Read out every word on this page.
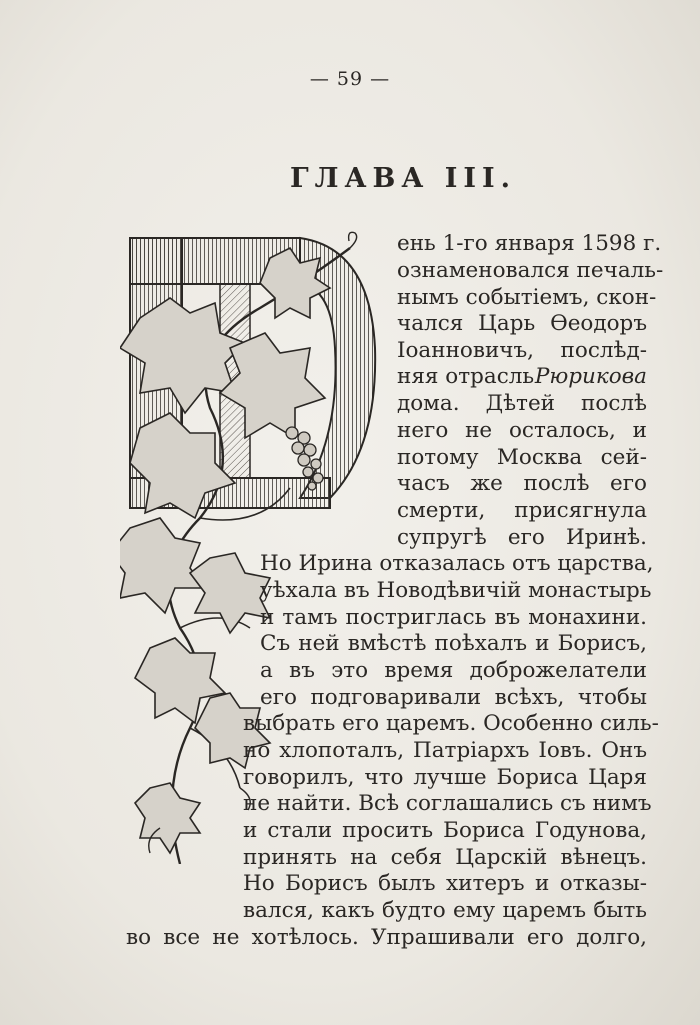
— 59 —
ГЛАВА III.
ень 1-го января 1598 г.
ознаменовался печаль-
нымъ событіемъ, скон-
чался Царь Ѳеодоръ
Іоанновичъ, послѣд-
няя отрасль Рюрикова
дома. Дѣтей послѣ
него не осталось, и
потому Москва сей-
часъ же послѣ его
смерти, присягнула
супругѣ его Иринѣ.
Но Ирина отказалась отъ царства,
уѣхала въ Новодѣвичій монастырь
и тамъ постриглась въ монахини.
Съ ней вмѣстѣ поѣхалъ и Борисъ,
а въ это время доброжелатели
его подговаривали всѣхъ, чтобы
выбрать его царемъ. Особенно силь-
но хлопоталъ, Патріархъ Іовъ. Онъ
говорилъ, что лучше Бориса Царя
не найти. Всѣ соглашались съ нимъ
и стали просить Бориса Годунова,
принять на себя Царскій вѣнецъ.
Но Борисъ былъ хитеръ и отказы-
вался, какъ будто ему царемъ быть
во все не хотѣлось. Упрашивали его долго,
